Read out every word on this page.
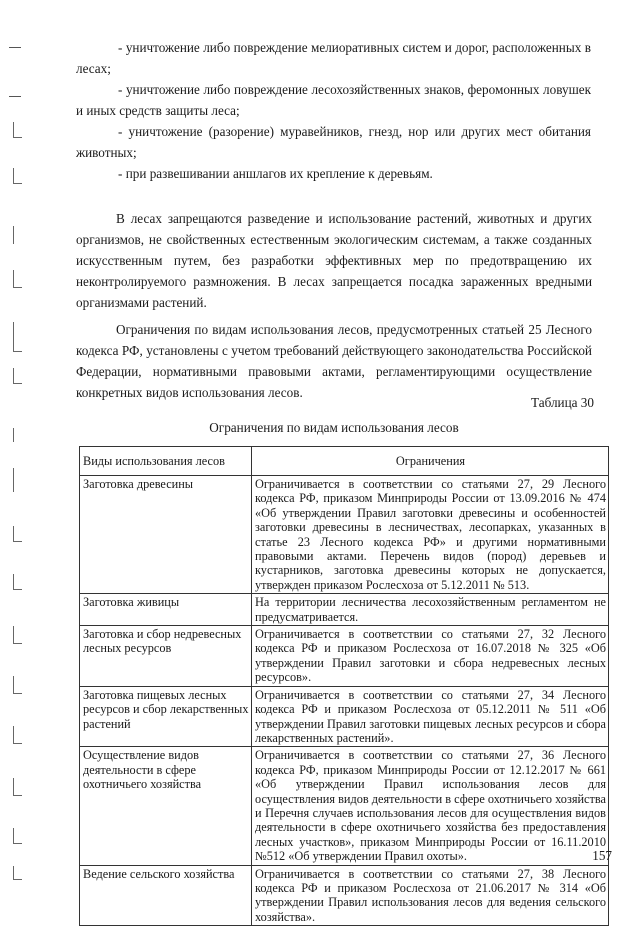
- уничтожение либо повреждение мелиоративных систем и дорог, расположенных в лесах;

- уничтожение либо повреждение лесохозяйственных знаков, феромонных ловушек и иных средств защиты леса;

- уничтожение (разорение) муравейников, гнезд, нор или других мест обитания животных;

- при развешивании аншлагов их крепление к деревьям.

В лесах запрещаются разведение и использование растений, животных и других организмов, не свойственных естественным экологическим системам, а также созданных искусственным путем, без разработки эффективных мер по предотвращению их неконтролируемого размножения. В лесах запрещается посадка зараженных вредными организмами растений.

Ограничения по видам использования лесов, предусмотренных статьей 25 Лесного кодекса РФ, установлены с учетом требований действующего законодательства Российской Федерации, нормативными правовыми актами, регламентирующими осуществление конкретных видов использования лесов.

Таблица 30
Ограничения по видам использования лесов
Виды использования лесов	Ограничения
Заготовка древесины	Ограничивается в соответствии со статьями 27, 29 Лесного кодекса РФ, приказом Минприроды России от 13.09.2016 № 474 «Об утверждении Правил заготовки древесины и особенностей заготовки древесины в лесничествах, лесопарках, указанных в статье 23 Лесного кодекса РФ» и другими нормативными правовыми актами. Перечень видов (пород) деревьев и кустарников, заготовка древесины которых не допускается, утвержден приказом Рослесхоза от 5.12.2011 № 513.
Заготовка живицы	На территории лесничества лесохозяйственным регламентом не предусматривается.
Заготовка и сбор недревесных лесных ресурсов	Ограничивается в соответствии со статьями 27, 32 Лесного кодекса РФ и приказом Рослесхоза от 16.07.2018 № 325 «Об утверждении Правил заготовки и сбора недревесных лесных ресурсов».
Заготовка пищевых лесных ресурсов и сбор лекарственных растений	Ограничивается в соответствии со статьями 27, 34 Лесного кодекса РФ и приказом Рослесхоза от 05.12.2011 № 511 «Об утверждении Правил заготовки пищевых лесных ресурсов и сбора лекарственных растений».
Осуществление видов деятельности в сфере охотничьего хозяйства	Ограничивается в соответствии со статьями 27, 36 Лесного кодекса РФ, приказом Минприроды России от 12.12.2017 № 661 «Об утверждении Правил использования лесов для осуществления видов деятельности в сфере охотничьего хозяйства и Перечня случаев использования лесов для осуществления видов деятельности в сфере охотничьего хозяйства без предоставления лесных участков», приказом Минприроды России от 16.11.2010 №512 «Об утверждении Правил охоты».
Ведение сельского хозяйства	Ограничивается в соответствии со статьями 27, 38 Лесного кодекса РФ и приказом Рослесхоза от 21.06.2017 № 314 «Об утверждении Правил использования лесов для ведения сельского хозяйства».
157
